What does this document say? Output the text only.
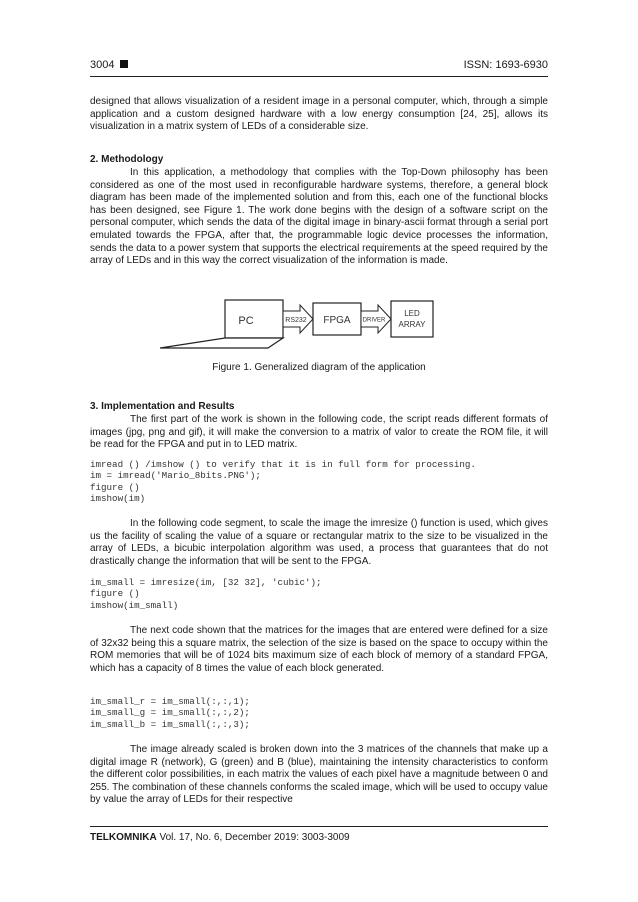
3004	ISSN: 1693-6930

designed that allows visualization of a resident image in a personal computer, which, through a simple application and a custom designed hardware with a low energy consumption [24, 25], allows its visualization in a matrix system of LEDs of a considerable size.

2. Methodology

In this application, a methodology that complies with the Top-Down philosophy has been considered as one of the most used in reconfigurable hardware systems, therefore, a general block diagram has been made of the implemented solution and from this, each one of the functional blocks has been designed, see Figure 1. The work done begins with the design of a software script on the personal computer, which sends the data of the digital image in binary-ascii format through a serial port emulated towards the FPGA, after that, the programmable logic device processes the information, sends the data to a power system that supports the electrical requirements at the speed required by the array of LEDs and in this way the correct visualization of the information is made.

PC	RS232 FPGA DRIVER
LED
ARRAY
Figure 1. Generalized diagram of the application

3. Implementation and Results

The first part of the work is shown in the following code, the script reads different formats of images (jpg, png and gif), it will make the conversion to a matrix of valor to create the ROM file, it will be read for the FPGA and put in to LED matrix.

imread () /imshow () to verify that it is in full form for processing.
im = imread('Mario_8bits.PNG');
figure ()
imshow(im)

In the following code segment, to scale the image the imresize () function is used, which gives us the facility of scaling the value of a square or rectangular matrix to the size to be visualized in the array of LEDs, a bicubic interpolation algorithm was used, a process that guarantees that do not drastically change the information that will be sent to the FPGA.

im_small = imresize(im, [32 32], 'cubic');
figure ()
imshow(im_small)

The next code shown that the matrices for the images that are entered were defined for a size of 32x32 being this a square matrix, the selection of the size is based on the space to occupy within the ROM memories that will be of 1024 bits maximum size of each block of memory of a standard FPGA, which has a capacity of 8 times the value of each block generated.

im_small_r = im_small(:,:,1);
im_small_g = im_small(:,:,2);
im_small_b = im_small(:,:,3);

The image already scaled is broken down into the 3 matrices of the channels that make up a digital image R (network), G (green) and B (blue), maintaining the intensity characteristics to conform the different color possibilities, in each matrix the values of each pixel have a magnitude between 0 and 255. The combination of these channels conforms the scaled image, which will be used to occupy value by value the array of LEDs for their respective

TELKOMNIKA Vol. 17, No. 6, December 2019: 3003-3009
